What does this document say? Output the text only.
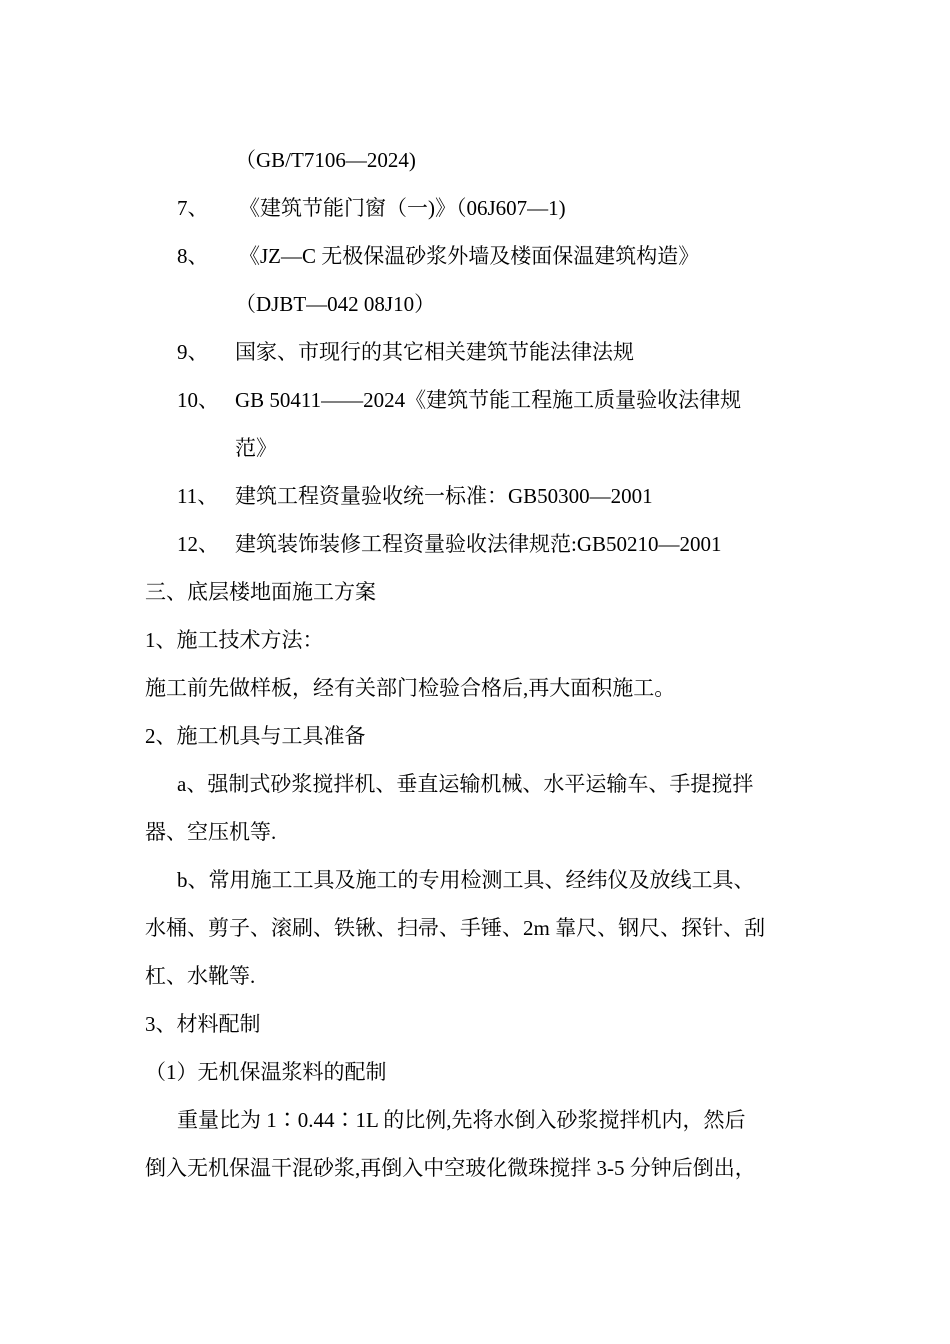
（GB/T7106—2024)
7、 《建筑节能门窗（一)》（06J607—1)
8、 《JZ—C 无极保温砂浆外墙及楼面保温建筑构造》
（DJBT—042 08J10）
9、 国家、市现行的其它相关建筑节能法律法规
10、 GB 50411——2024《建筑节能工程施工质量验收法律规
范》
11、 建筑工程资量验收统一标准：GB50300—2001
12、 建筑装饰装修工程资量验收法律规范:GB50210—2001
三、底层楼地面施工方案
1、施工技术方法：
施工前先做样板，经有关部门检验合格后,再大面积施工。
2、施工机具与工具准备
a、强制式砂浆搅拌机、垂直运输机械、水平运输车、手提搅拌
器、空压机等.
b、常用施工工具及施工的专用检测工具、经纬仪及放线工具、
水桶、剪子、滚刷、铁锹、扫帚、手锤、2m 靠尺、钢尺、探针、刮
杠、水靴等.
3、材料配制
（1）无机保温浆料的配制
重量比为 1∶0.44∶1L 的比例,先将水倒入砂浆搅拌机内，然后
倒入无机保温干混砂浆,再倒入中空玻化微珠搅拌 3-5 分钟后倒出，
